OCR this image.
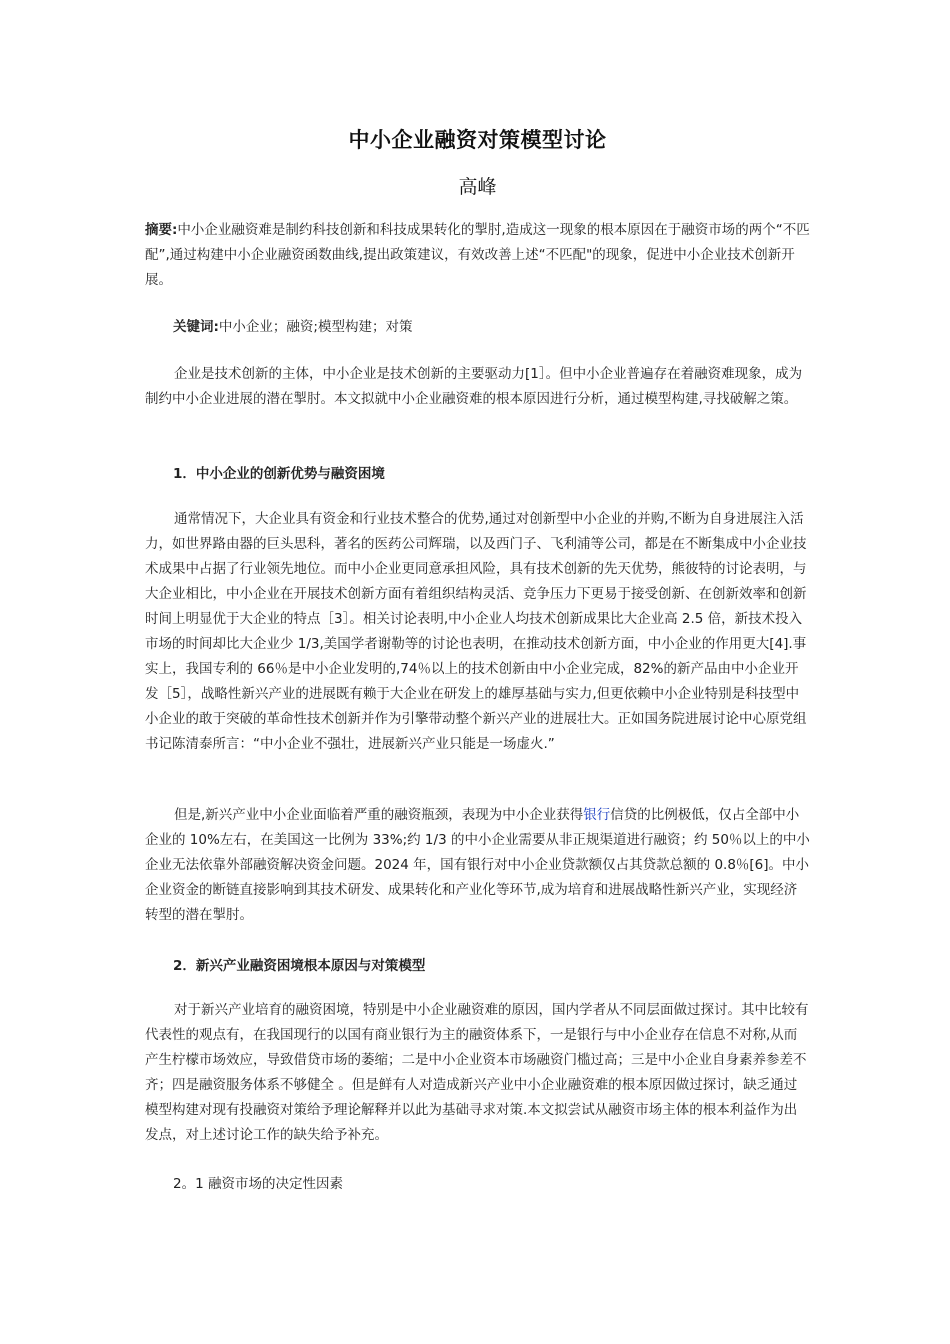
中小企业融资对策模型讨论
高峰
摘要:中小企业融资难是制约科技创新和科技成果转化的掣肘,造成这一现象的根本原因在于融资市场的两个“不匹配”,通过构建中小企业融资函数曲线,提出政策建议，有效改善上述“不匹配"的现象，促进中小企业技术创新开展。
关键词:中小企业；融资;模型构建；对策
企业是技术创新的主体，中小企业是技术创新的主要驱动力[1］。但中小企业普遍存在着融资难现象，成为制约中小企业进展的潜在掣肘。本文拟就中小企业融资难的根本原因进行分析，通过模型构建,寻找破解之策。
1．中小企业的创新优势与融资困境
通常情况下，大企业具有资金和行业技术整合的优势,通过对创新型中小企业的并购,不断为自身进展注入活力，如世界路由器的巨头思科，著名的医药公司辉瑞，以及西门子、飞利浦等公司，都是在不断集成中小企业技术成果中占据了行业领先地位。而中小企业更同意承担风险，具有技术创新的先天优势，熊彼特的讨论表明，与大企业相比，中小企业在开展技术创新方面有着组织结构灵活、竞争压力下更易于接受创新、在创新效率和创新时间上明显优于大企业的特点［3］。相关讨论表明,中小企业人均技术创新成果比大企业高 2.5 倍，新技术投入市场的时间却比大企业少 1/3,美国学者谢勒等的讨论也表明，在推动技术创新方面，中小企业的作用更大[4].事实上，我国专利的 66％是中小企业发明的,74％以上的技术创新由中小企业完成，82%的新产品由中小企业开发［5］，战略性新兴产业的进展既有赖于大企业在研发上的雄厚基础与实力,但更依赖中小企业特别是科技型中小企业的敢于突破的革命性技术创新并作为引擎带动整个新兴产业的进展壮大。正如国务院进展讨论中心原党组书记陈清泰所言：“中小企业不强壮，进展新兴产业只能是一场虚火.”
但是,新兴产业中小企业面临着严重的融资瓶颈，表现为中小企业获得银行信贷的比例极低，仅占全部中小企业的 10%左右，在美国这一比例为 33%;约 1/3 的中小企业需要从非正规渠道进行融资；约 50％以上的中小企业无法依靠外部融资解决资金问题。2024 年，国有银行对中小企业贷款额仅占其贷款总额的 0.8％[6]。中小企业资金的断链直接影响到其技术研发、成果转化和产业化等环节,成为培育和进展战略性新兴产业，实现经济转型的潜在掣肘。
2．新兴产业融资困境根本原因与对策模型
对于新兴产业培育的融资困境，特别是中小企业融资难的原因，国内学者从不同层面做过探讨。其中比较有代表性的观点有，在我国现行的以国有商业银行为主的融资体系下，一是银行与中小企业存在信息不对称,从而产生柠檬市场效应，导致借贷市场的萎缩；二是中小企业资本市场融资门槛过高；三是中小企业自身素养参差不齐；四是融资服务体系不够健全 。但是鲜有人对造成新兴产业中小企业融资难的根本原因做过探讨，缺乏通过模型构建对现有投融资对策给予理论解释并以此为基础寻求对策.本文拟尝试从融资市场主体的根本利益作为出发点，对上述讨论工作的缺失给予补充。
2。1 融资市场的决定性因素
